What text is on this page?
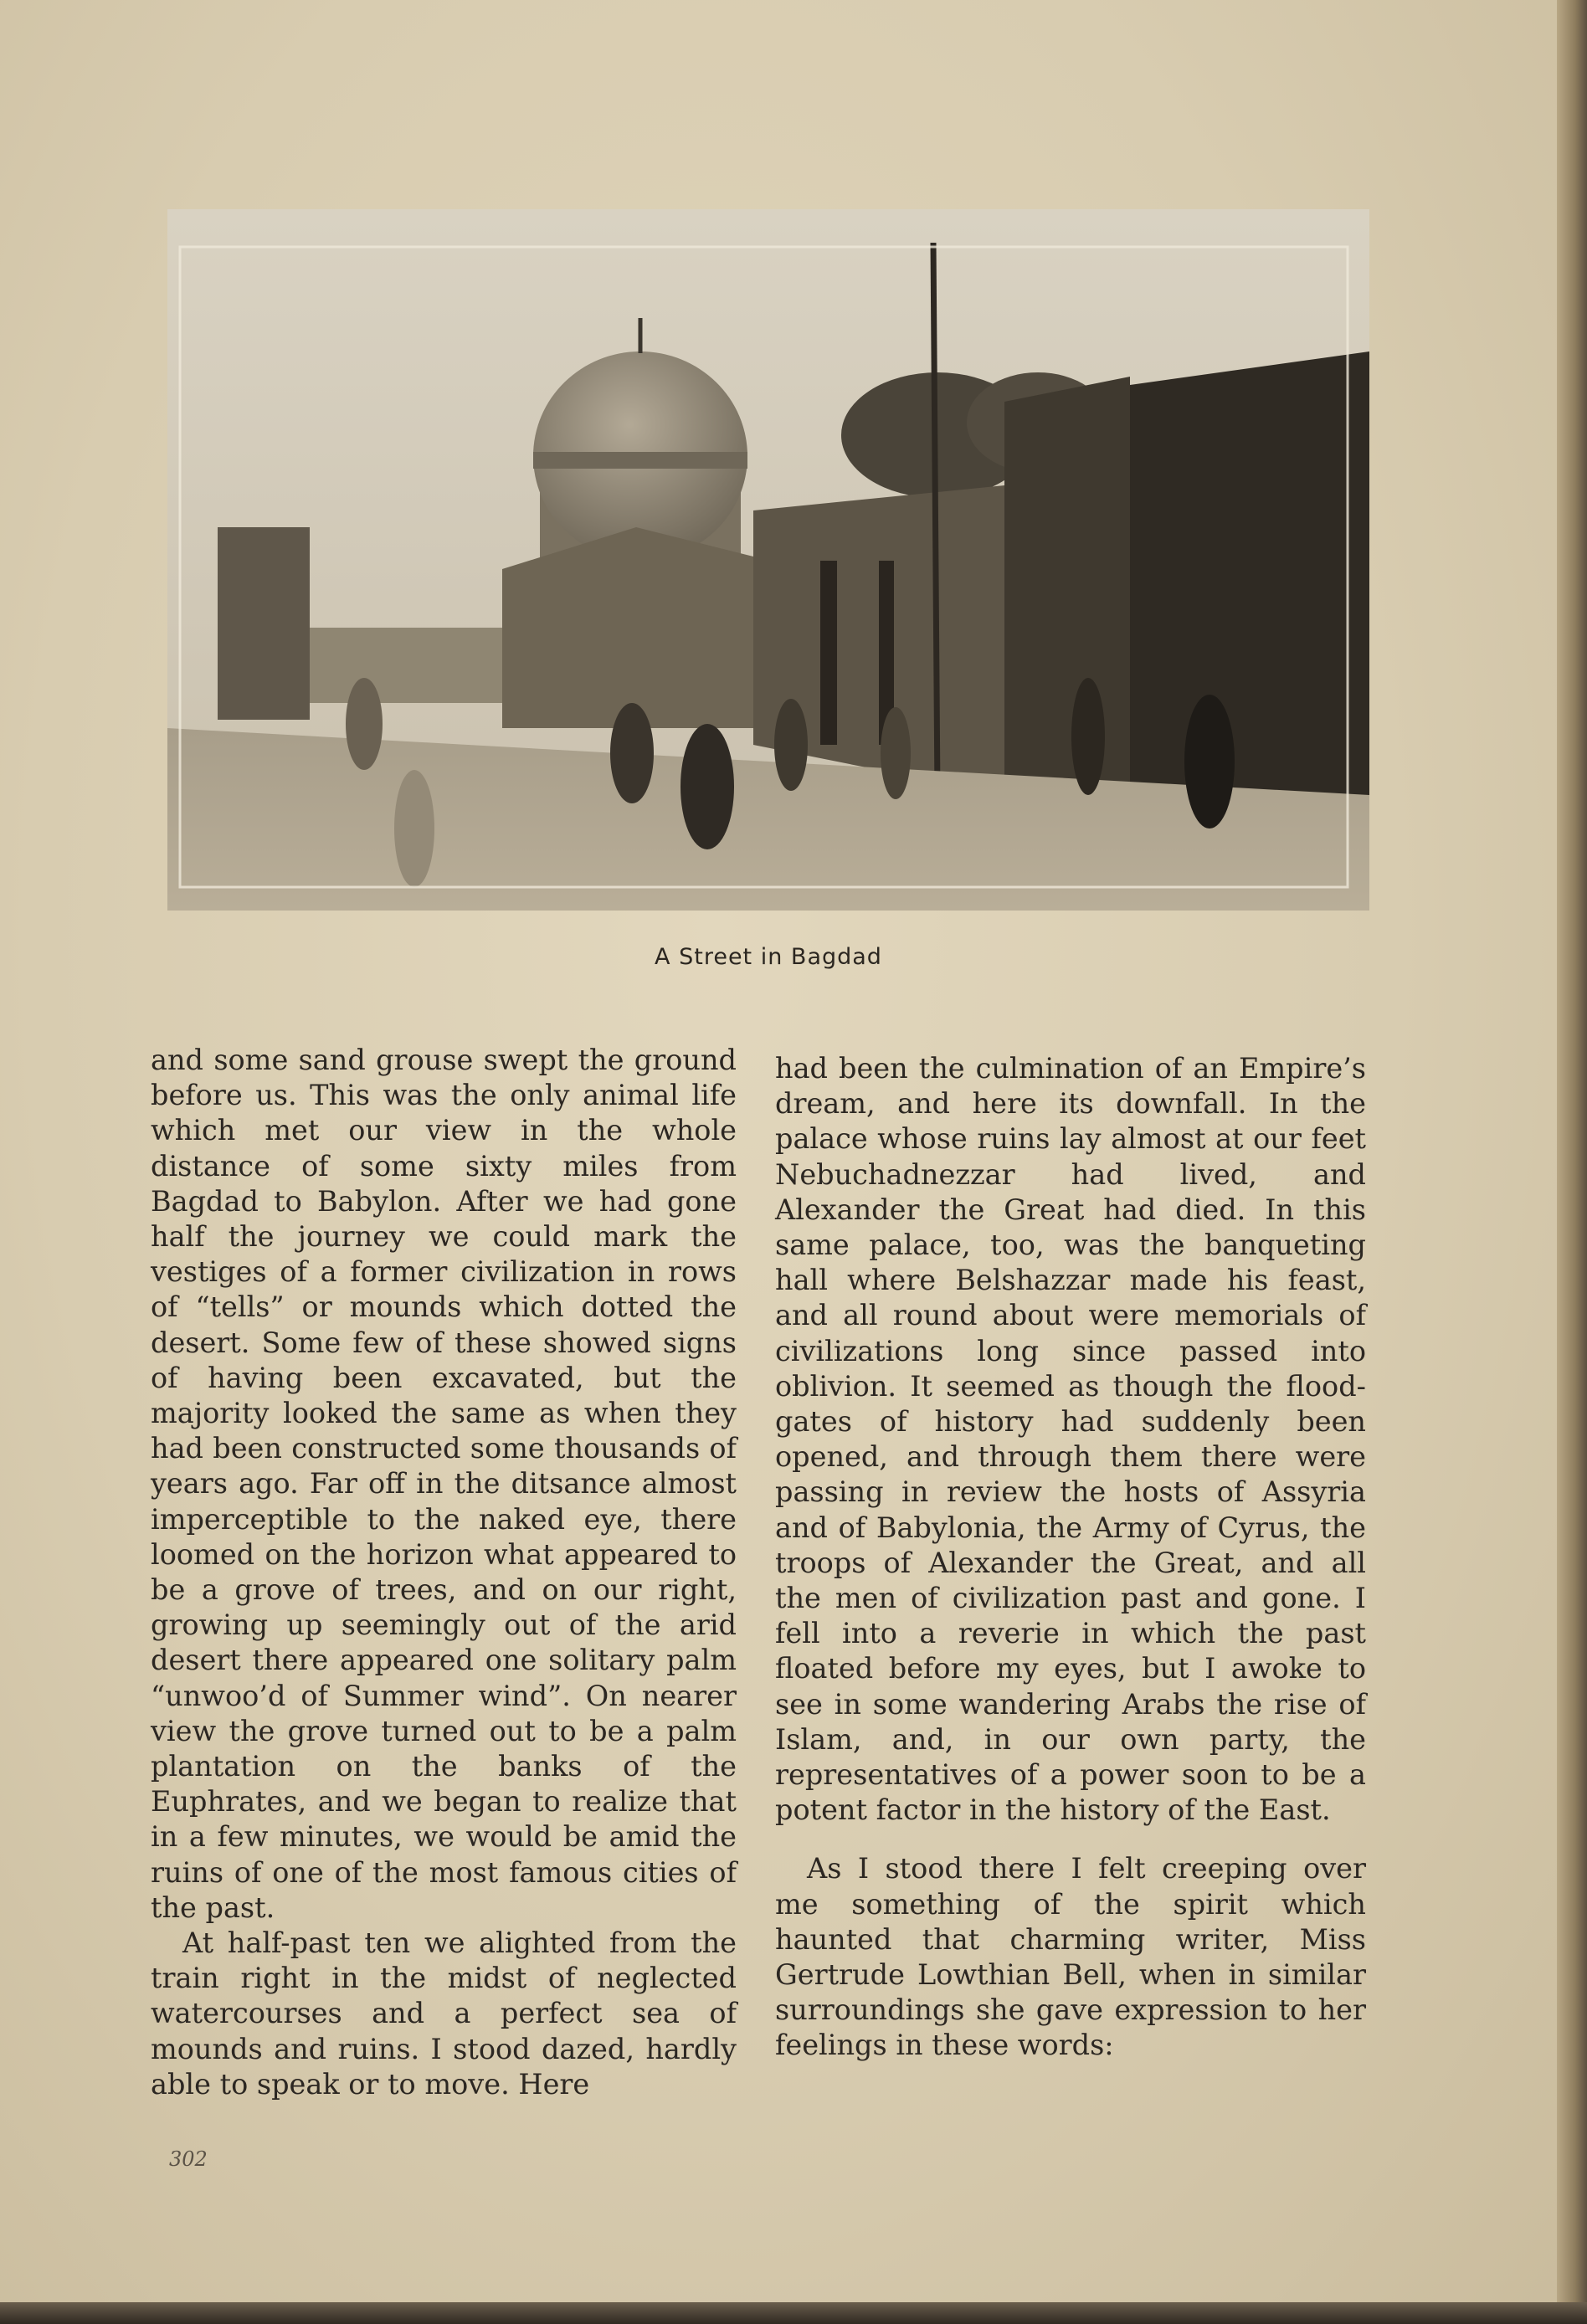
A Street in Bagdad

and some sand grouse swept the ground before us. This was the only animal life which met our view in the whole distance of some sixty miles from Bagdad to Babylon. After we had gone half the journey we could mark the vestiges of a former civilization in rows of “tells” or mounds which dotted the desert. Some few of these showed signs of having been excavated, but the majority looked the same as when they had been constructed some thousands of years ago. Far off in the ditsance almost imperceptible to the naked eye, there loomed on the horizon what appeared to be a grove of trees, and on our right, growing up seemingly out of the arid desert there appeared one solitary palm “unwoo’d of Summer wind”. On nearer view the grove turned out to be a palm plantation on the banks of the Euphrates, and we began to realize that in a few minutes, we would be amid the ruins of one of the most famous cities of the past.

At half-past ten we alighted from the train right in the midst of neglected watercourses and a perfect sea of mounds and ruins. I stood dazed, hardly able to speak or to move. Here

had been the culmination of an Empire’s dream, and here its downfall. In the palace whose ruins lay almost at our feet Nebuchadnezzar had lived, and Alexander the Great had died. In this same palace, too, was the banqueting hall where Belshazzar made his feast, and all round about were memorials of civilizations long since passed into oblivion. It seemed as though the flood-gates of history had suddenly been opened, and through them there were passing in review the hosts of Assyria and of Babylonia, the Army of Cyrus, the troops of Alexander the Great, and all the men of civilization past and gone. I fell into a reverie in which the past floated before my eyes, but I awoke to see in some wandering Arabs the rise of Islam, and, in our own party, the representatives of a power soon to be a potent factor in the history of the East.

As I stood there I felt creeping over me something of the spirit which haunted that charming writer, Miss Gertrude Lowthian Bell, when in similar surroundings she gave expression to her feelings in these words:

302
